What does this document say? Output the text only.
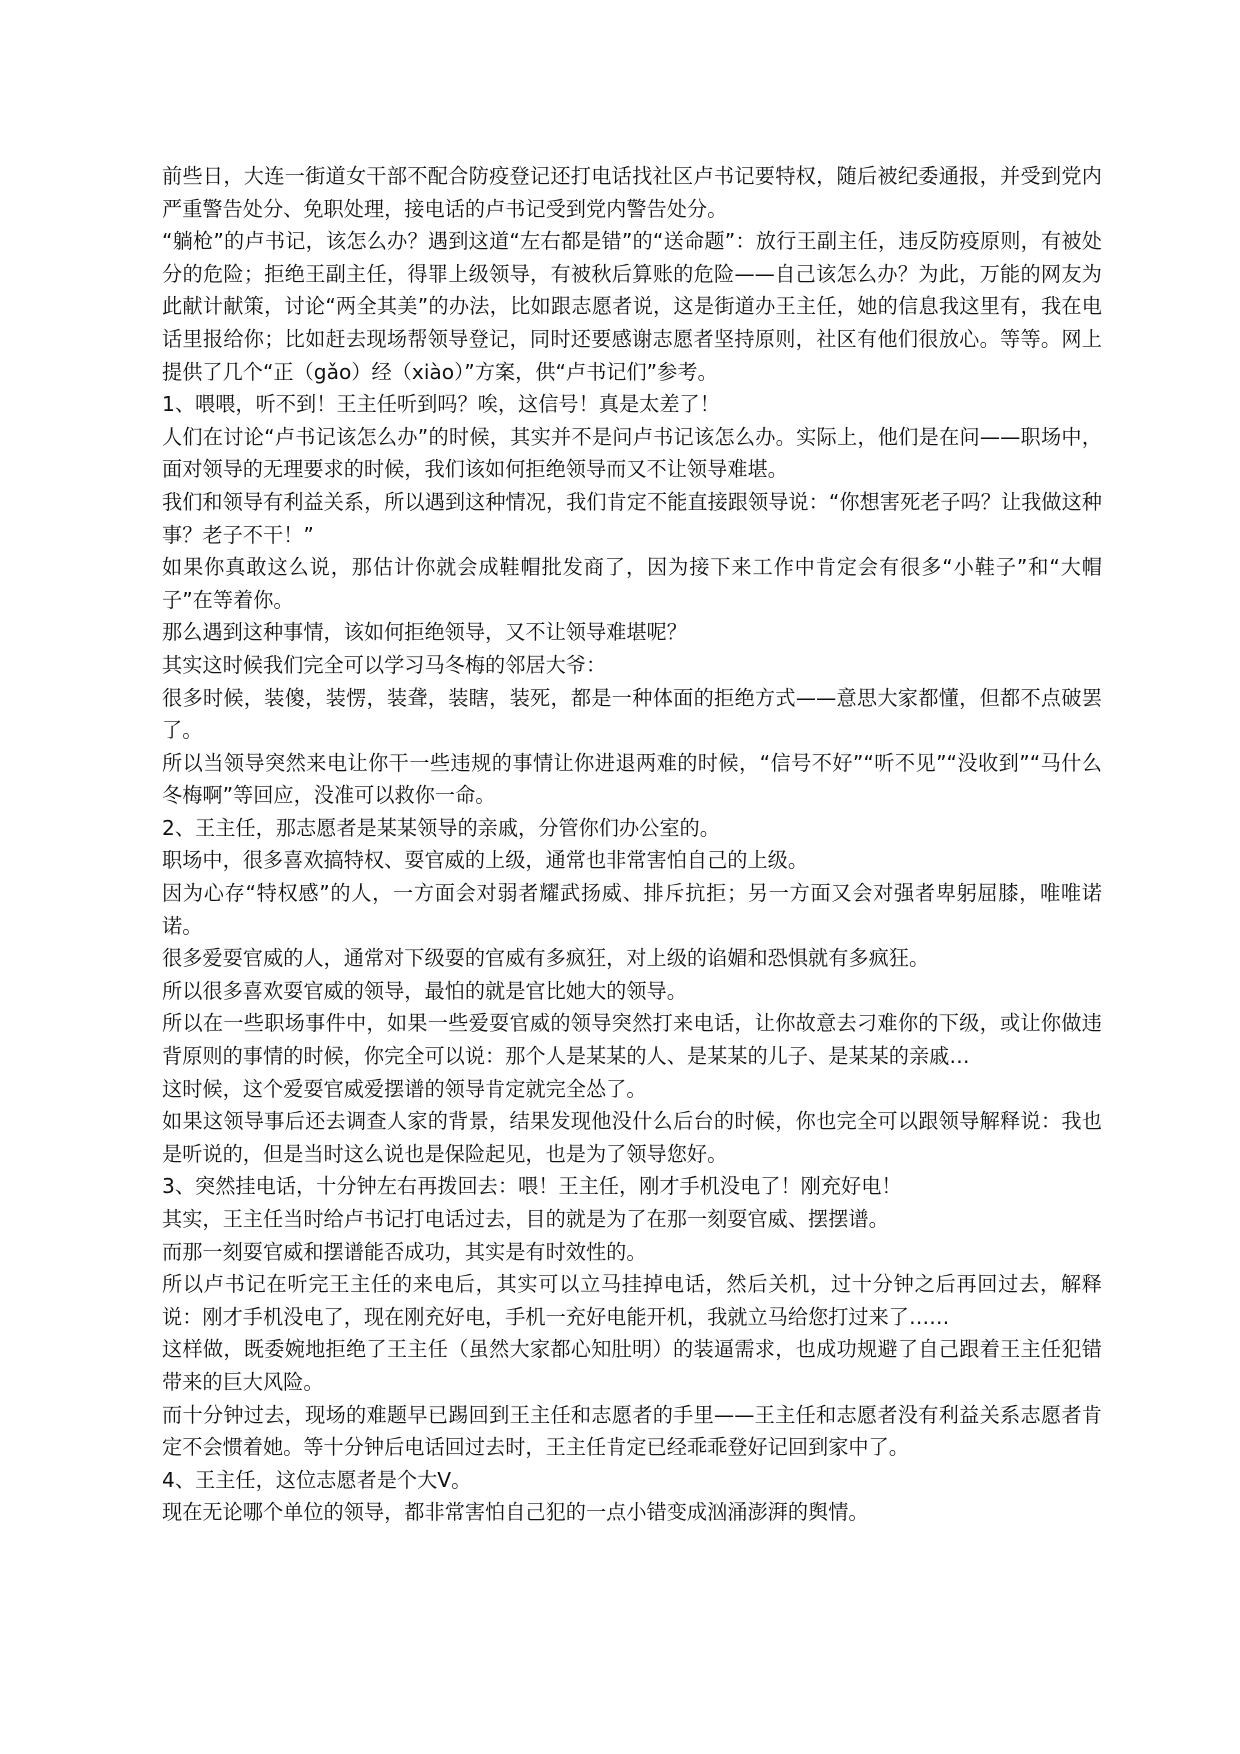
前些日，大连一街道女干部不配合防疫登记还打电话找社区卢书记要特权，随后被纪委通报，并受到党内严重警告处分、免职处理，接电话的卢书记受到党内警告处分。

“躺枪”的卢书记，该怎么办？遇到这道“左右都是错”的“送命题”：放行王副主任，违反防疫原则，有被处分的危险；拒绝王副主任，得罪上级领导，有被秋后算账的危险——自己该怎么办？为此，万能的网友为此献计献策，讨论“两全其美”的办法，比如跟志愿者说，这是街道办王主任，她的信息我这里有，我在电话里报给你；比如赶去现场帮领导登记，同时还要感谢志愿者坚持原则，社区有他们很放心。等等。网上提供了几个“正（gǎo）经（xiào）”方案，供“卢书记们”参考。

1、喂喂，听不到！王主任听到吗？唉，这信号！真是太差了！

人们在讨论“卢书记该怎么办”的时候，其实并不是问卢书记该怎么办。实际上，他们是在问——职场中，面对领导的无理要求的时候，我们该如何拒绝领导而又不让领导难堪。

我们和领导有利益关系，所以遇到这种情况，我们肯定不能直接跟领导说：“你想害死老子吗？让我做这种事？老子不干！”

如果你真敢这么说，那估计你就会成鞋帽批发商了，因为接下来工作中肯定会有很多“小鞋子”和“大帽子”在等着你。

那么遇到这种事情，该如何拒绝领导，又不让领导难堪呢？

其实这时候我们完全可以学习马冬梅的邻居大爷：

很多时候，装傻，装愣，装聋，装瞎，装死，都是一种体面的拒绝方式——意思大家都懂，但都不点破罢了。

所以当领导突然来电让你干一些违规的事情让你进退两难的时候，“信号不好”“听不见”“没收到”“马什么冬梅啊”等回应，没准可以救你一命。

2、王主任，那志愿者是某某领导的亲戚，分管你们办公室的。

职场中，很多喜欢搞特权、耍官威的上级，通常也非常害怕自己的上级。

因为心存“特权感”的人，一方面会对弱者耀武扬威、排斥抗拒；另一方面又会对强者卑躬屈膝，唯唯诺诺。

很多爱耍官威的人，通常对下级耍的官威有多疯狂，对上级的谄媚和恐惧就有多疯狂。

所以很多喜欢耍官威的领导，最怕的就是官比她大的领导。

所以在一些职场事件中，如果一些爱耍官威的领导突然打来电话，让你故意去刁难你的下级，或让你做违背原则的事情的时候，你完全可以说：那个人是某某的人、是某某的儿子、是某某的亲戚…

这时候，这个爱耍官威爱摆谱的领导肯定就完全怂了。

如果这领导事后还去调查人家的背景，结果发现他没什么后台的时候，你也完全可以跟领导解释说：我也是听说的，但是当时这么说也是保险起见，也是为了领导您好。

3、突然挂电话，十分钟左右再拨回去：喂！王主任，刚才手机没电了！刚充好电！

其实，王主任当时给卢书记打电话过去，目的就是为了在那一刻耍官威、摆摆谱。

而那一刻耍官威和摆谱能否成功，其实是有时效性的。

所以卢书记在听完王主任的来电后，其实可以立马挂掉电话，然后关机，过十分钟之后再回过去，解释说：刚才手机没电了，现在刚充好电，手机一充好电能开机，我就立马给您打过来了……

这样做，既委婉地拒绝了王主任（虽然大家都心知肚明）的装逼需求，也成功规避了自己跟着王主任犯错带来的巨大风险。

而十分钟过去，现场的难题早已踢回到王主任和志愿者的手里——王主任和志愿者没有利益关系志愿者肯定不会惯着她。等十分钟后电话回过去时，王主任肯定已经乖乖登好记回到家中了。

4、王主任，这位志愿者是个大V。

现在无论哪个单位的领导，都非常害怕自己犯的一点小错变成汹涌澎湃的舆情。
